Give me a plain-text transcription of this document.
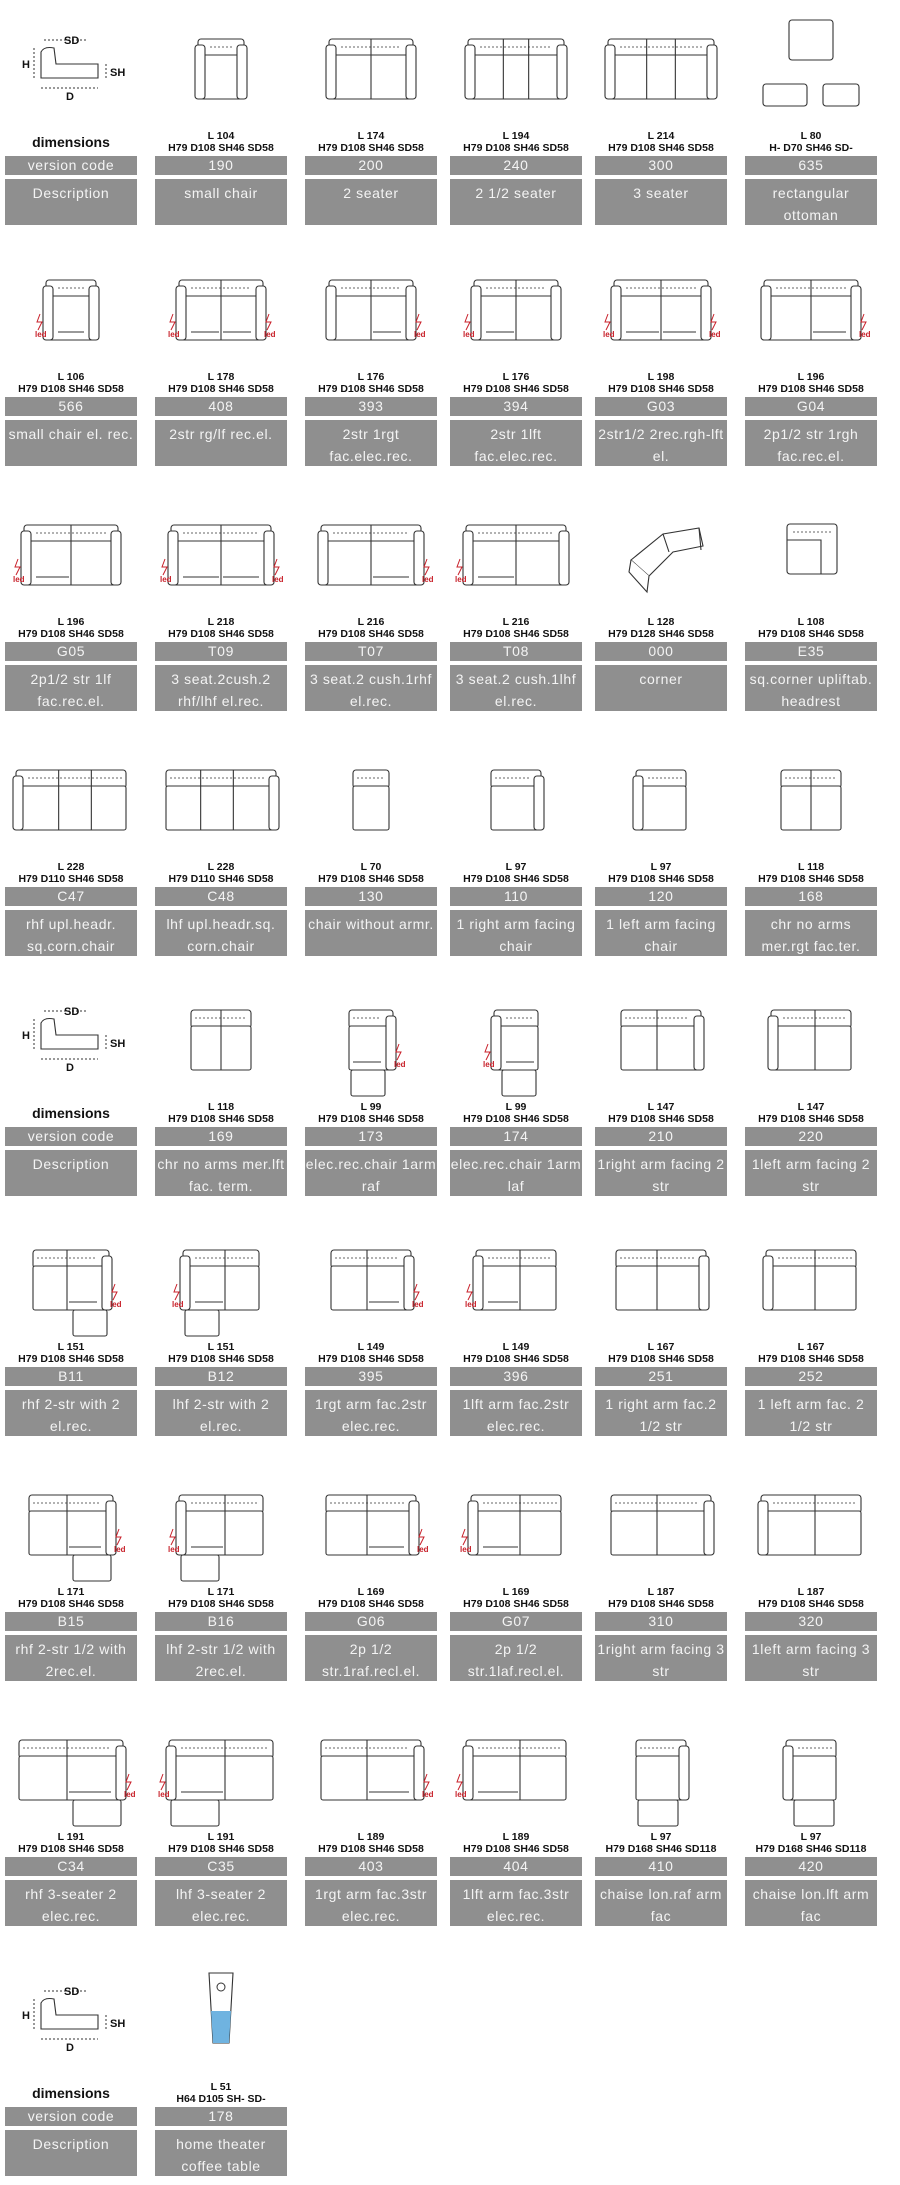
SD
SH
H
D
dimensions
version code
Description
L 104
H79 D108 SH46 SD58
190
small chair
L 174
H79 D108 SH46 SD58
200
2 seater
L 194
H79 D108 SH46 SD58
240
2 1/2 seater
L 214
H79 D108 SH46 SD58
300
3 seater
L 80
H- D70 SH46 SD-
635
rectangular ottoman
led
L 106
H79 D108 SH46 SD58
566
small chair el. rec.
led	led
L 178
H79 D108 SH46 SD58
408
2str rg/lf rec.el.
led
L 176
H79 D108 SH46 SD58
393
2str 1rgt fac.elec.rec.
led
L 176
H79 D108 SH46 SD58
394
2str 1lft fac.elec.rec.
led	led
L 198
H79 D108 SH46 SD58
G03
2str1/2 2rec.rgh-lft el.
led
L 196
H79 D108 SH46 SD58
G04
2p1/2 str 1rgh fac.rec.el.
led
L 196
H79 D108 SH46 SD58
G05
2p1/2 str 1lf fac.rec.el.
led	led
L 218
H79 D108 SH46 SD58
T09
3 seat.2cush.2 rhf/lhf el.rec.
led
L 216
H79 D108 SH46 SD58
T07
3 seat.2 cush.1rhf el.rec.
led
L 216
H79 D108 SH46 SD58
T08
3 seat.2 cush.1lhf el.rec.
L 128
H79 D128 SH46 SD58
000
corner
L 108
H79 D108 SH46 SD58
E35
sq.corner upliftab. headrest
L 228
H79 D110 SH46 SD58
C47
rhf upl.headr. sq.corn.chair
L 228
H79 D110 SH46 SD58
C48
lhf upl.headr.sq. corn.chair
L 70
H79 D108 SH46 SD58
130
chair without armr.
L 97
H79 D108 SH46 SD58
110
1 right arm facing chair
L 97
H79 D108 SH46 SD58
120
1 left arm facing chair
L 118
H79 D108 SH46 SD58
168
chr no arms mer.rgt fac.ter.
SD
SH
H
D
dimensions
version code
Description
L 118
H79 D108 SH46 SD58
169
chr no arms mer.lft fac. term.
led
L 99
H79 D108 SH46 SD58
173
elec.rec.chair 1arm raf
led
L 99
H79 D108 SH46 SD58
174
elec.rec.chair 1arm laf
L 147
H79 D108 SH46 SD58
210
1right arm facing 2 str
L 147
H79 D108 SH46 SD58
220
1left arm facing 2 str
led
L 151
H79 D108 SH46 SD58
B11
rhf 2-str with 2 el.rec.
led
L 151
H79 D108 SH46 SD58
B12
lhf 2-str with 2 el.rec.
led
L 149
H79 D108 SH46 SD58
395
1rgt arm fac.2str elec.rec.
led
L 149
H79 D108 SH46 SD58
396
1lft arm fac.2str elec.rec.
L 167
H79 D108 SH46 SD58
251
1 right arm fac.2 1/2 str
L 167
H79 D108 SH46 SD58
252
1 left arm fac. 2 1/2 str
led
L 171
H79 D108 SH46 SD58
B15
rhf 2-str 1/2 with 2rec.el.
led
L 171
H79 D108 SH46 SD58
B16
lhf 2-str 1/2 with 2rec.el.
led
L 169
H79 D108 SH46 SD58
G06
2p 1/2 str.1raf.recl.el.
led
L 169
H79 D108 SH46 SD58
G07
2p 1/2 str.1laf.recl.el.
L 187
H79 D108 SH46 SD58
310
1right arm facing 3 str
L 187
H79 D108 SH46 SD58
320
1left arm facing 3 str
led
L 191
H79 D108 SH46 SD58
C34
rhf 3-seater 2 elec.rec.
led
L 191
H79 D108 SH46 SD58
C35
lhf 3-seater 2 elec.rec.
led
L 189
H79 D108 SH46 SD58
403
1rgt arm fac.3str elec.rec.
led
L 189
H79 D108 SH46 SD58
404
1lft arm fac.3str elec.rec.
L 97
H79 D168 SH46 SD118
410
chaise lon.raf arm fac
L 97
H79 D168 SH46 SD118
420
chaise lon.lft arm fac
SD
SH
H
D
dimensions
version code
Description
L 51
H64 D105 SH- SD-
178
home theater coffee table
